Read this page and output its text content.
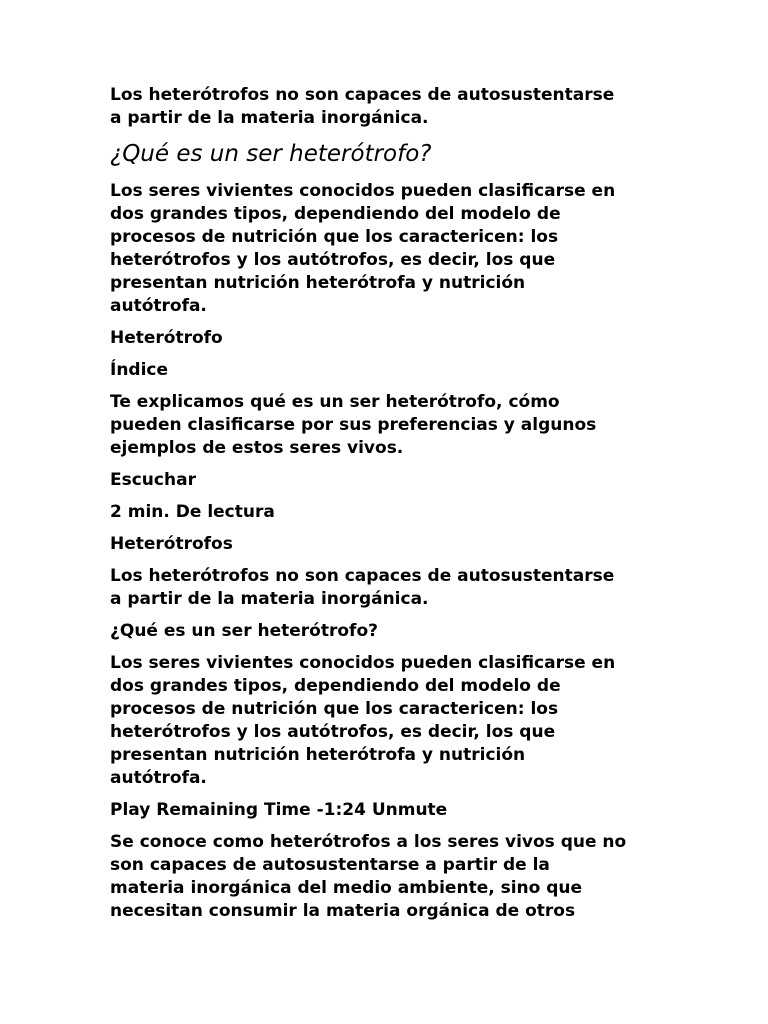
Los heterótrofos no son capaces de autosustentarse
a partir de la materia inorgánica.

¿Qué es un ser heterótrofo?

Los seres vivientes conocidos pueden clasificarse en
dos grandes tipos, dependiendo del modelo de
procesos de nutrición que los caractericen: los
heterótrofos y los autótrofos, es decir, los que
presentan nutrición heterótrofa y nutrición
autótrofa.

Heterótrofo

Índice

Te explicamos qué es un ser heterótrofo, cómo
pueden clasificarse por sus preferencias y algunos
ejemplos de estos seres vivos.

Escuchar

2 min. De lectura

Heterótrofos

Los heterótrofos no son capaces de autosustentarse
a partir de la materia inorgánica.

¿Qué es un ser heterótrofo?

Los seres vivientes conocidos pueden clasificarse en
dos grandes tipos, dependiendo del modelo de
procesos de nutrición que los caractericen: los
heterótrofos y los autótrofos, es decir, los que
presentan nutrición heterótrofa y nutrición
autótrofa.

Play Remaining Time -1:24 Unmute

Se conoce como heterótrofos a los seres vivos que no
son capaces de autosustentarse a partir de la
materia inorgánica del medio ambiente, sino que
necesitan consumir la materia orgánica de otros
